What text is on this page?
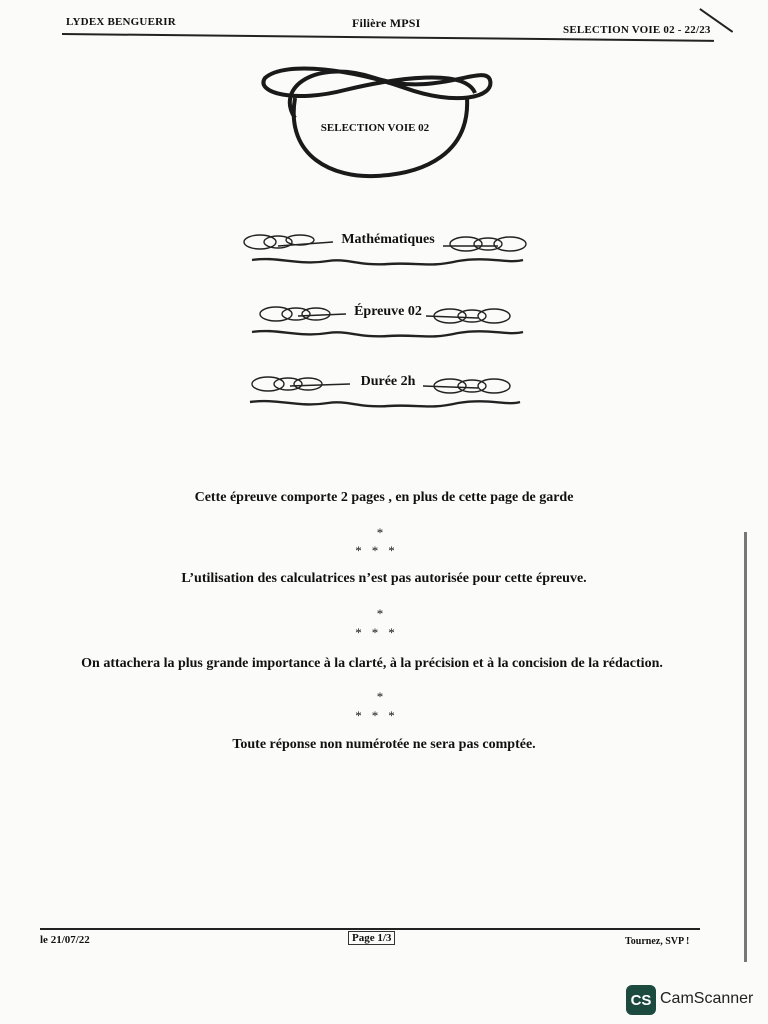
LYDEX BENGUERIR	Filière MPSI	SELECTION VOIE 02 - 22/23
SELECTION VOIE 02
Mathématiques
Épreuve 02
Durée 2h
Cette épreuve comporte 2 pages , en plus de cette page de garde
*
***
L’utilisation des calculatrices n’est pas autorisée pour cette épreuve.
*
***
On attachera la plus grande importance à la clarté, à la précision et à la concision de la rédaction.
*
***
Toute réponse non numérotée ne sera pas comptée.
le 21/07/22	Page 1/3	Tournez, SVP !
CS CamScanner
